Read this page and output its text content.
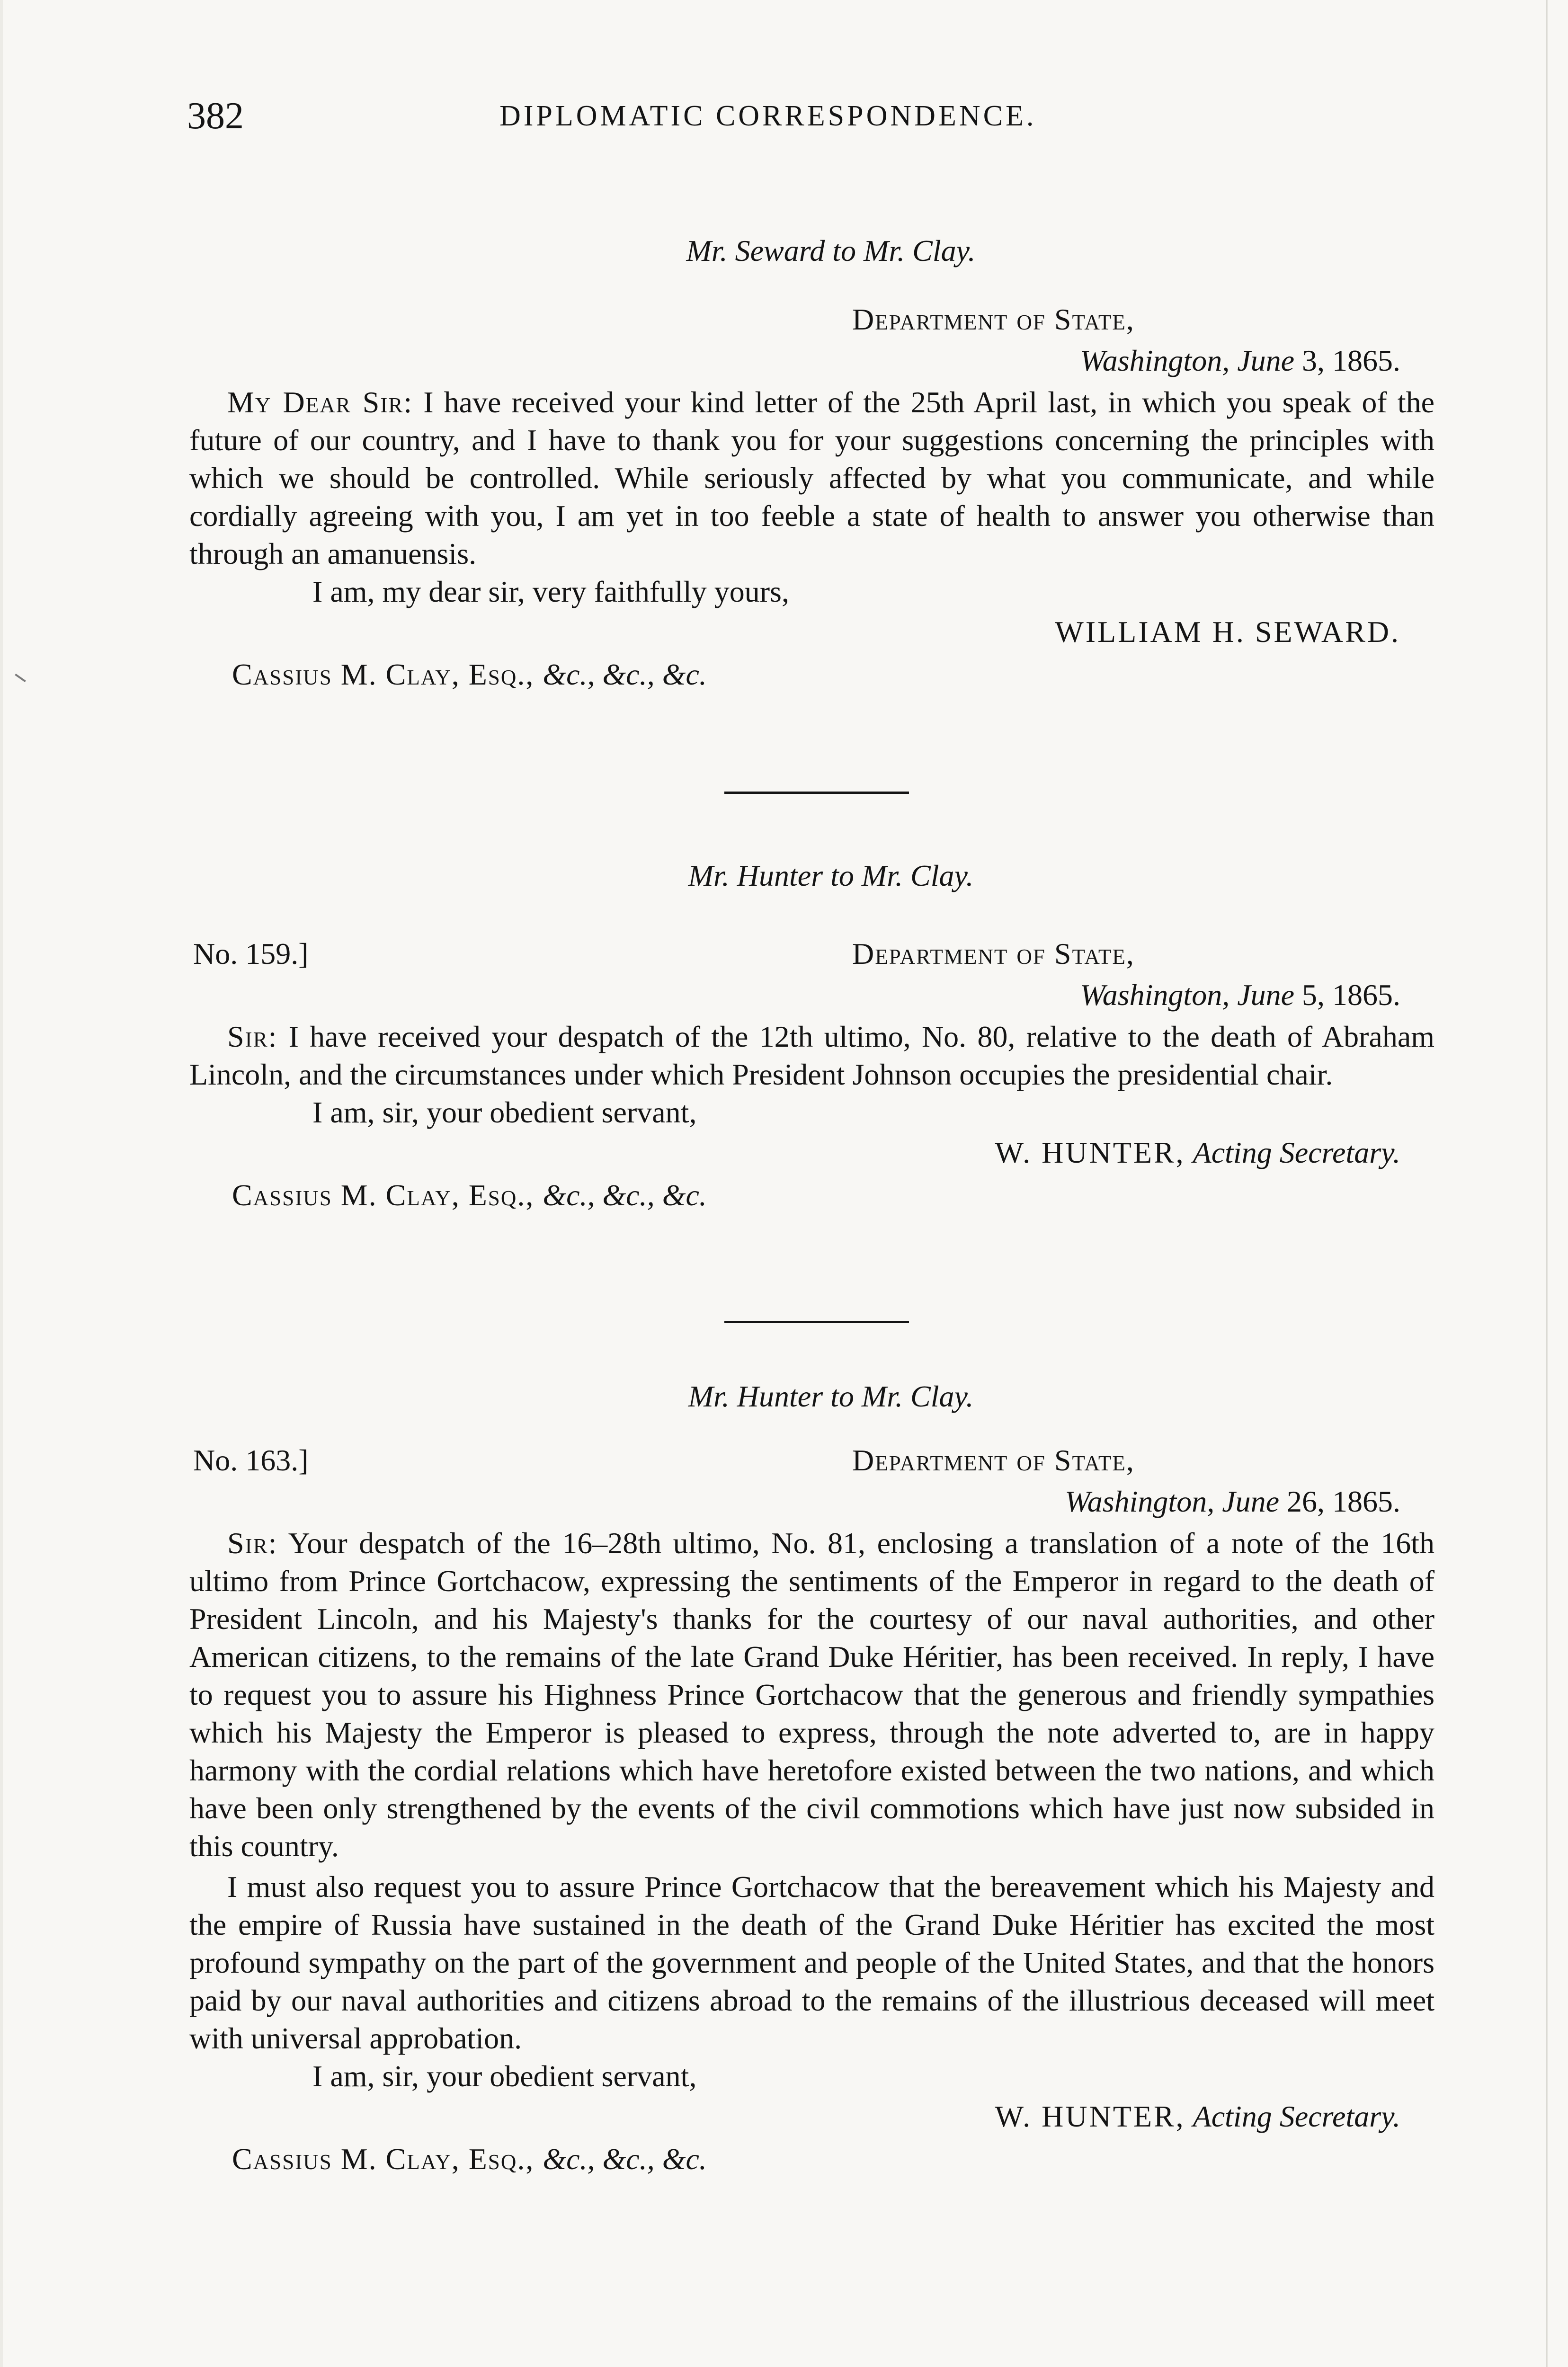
382	DIPLOMATIC CORRESPONDENCE.
Mr. Seward to Mr. Clay.
Department of State,
Washington, June 3, 1865.

My Dear Sir: I have received your kind letter of the 25th April last, in which you speak of the future of our country, and I have to thank you for your suggestions concerning the principles with which we should be controlled. While seriously affected by what you communicate, and while cordially agreeing with you, I am yet in too feeble a state of health to answer you otherwise than through an amanuensis.

I am, my dear sir, very faithfully yours,
WILLIAM H. SEWARD.
Cassius M. Clay, Esq., &c., &c., &c.
Mr. Hunter to Mr. Clay.
No. 159.]	Department of State,
Washington, June 5, 1865.

Sir: I have received your despatch of the 12th ultimo, No. 80, relative to the death of Abraham Lincoln, and the circumstances under which President Johnson occupies the presidential chair.

I am, sir, your obedient servant,
W. HUNTER, Acting Secretary.
Cassius M. Clay, Esq., &c., &c., &c.
Mr. Hunter to Mr. Clay.
No. 163.]	Department of State,
Washington, June 26, 1865.

Sir: Your despatch of the 16–28th ultimo, No. 81, enclosing a translation of a note of the 16th ultimo from Prince Gortchacow, expressing the sentiments of the Emperor in regard to the death of President Lincoln, and his Majesty's thanks for the courtesy of our naval authorities, and other American citizens, to the remains of the late Grand Duke Héritier, has been received. In reply, I have to request you to assure his Highness Prince Gortchacow that the generous and friendly sympathies which his Majesty the Emperor is pleased to express, through the note adverted to, are in happy harmony with the cordial relations which have heretofore existed between the two nations, and which have been only strengthened by the events of the civil commotions which have just now subsided in this country.

I must also request you to assure Prince Gortchacow that the bereavement which his Majesty and the empire of Russia have sustained in the death of the Grand Duke Héritier has excited the most profound sympathy on the part of the government and people of the United States, and that the honors paid by our naval authorities and citizens abroad to the remains of the illustrious deceased will meet with universal approbation.

I am, sir, your obedient servant,
W. HUNTER, Acting Secretary.
Cassius M. Clay, Esq., &c., &c., &c.
